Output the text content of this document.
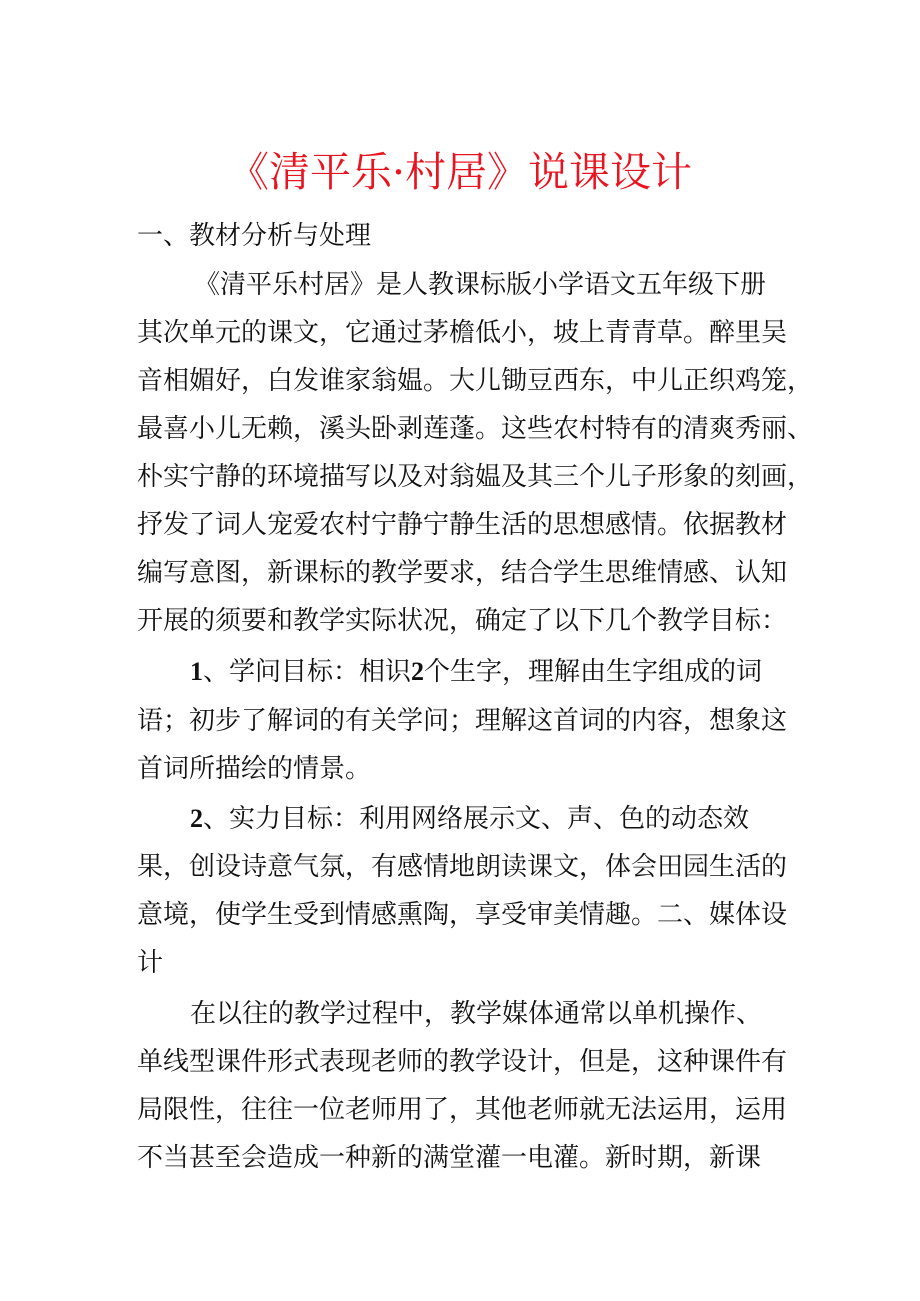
《清平乐·村居》说课设计
一、教材分析与处理
《清平乐村居》是人教课标版小学语文五年级下册
其次单元的课文，它通过茅檐低小，坡上青青草。醉里吴
音相媚好，白发谁家翁媪。大儿锄豆西东，中儿正织鸡笼，
最喜小儿无赖，溪头卧剥莲蓬。这些农村特有的清爽秀丽、
朴实宁静的环境描写以及对翁媪及其三个儿子形象的刻画，
抒发了词人宠爱农村宁静宁静生活的思想感情。依据教材
编写意图，新课标的教学要求，结合学生思维情感、认知
开展的须要和教学实际状况，确定了以下几个教学目标：
1、学问目标：相识2个生字，理解由生字组成的词
语；初步了解词的有关学问；理解这首词的内容，想象这
首词所描绘的情景。
2、实力目标：利用网络展示文、声、色的动态效
果，创设诗意气氛，有感情地朗读课文，体会田园生活的
意境，使学生受到情感熏陶，享受审美情趣。二、媒体设
计
在以往的教学过程中，教学媒体通常以单机操作、
单线型课件形式表现老师的教学设计，但是，这种课件有
局限性，往往一位老师用了，其他老师就无法运用，运用
不当甚至会造成一种新的满堂灌一电灌。新时期，新课
